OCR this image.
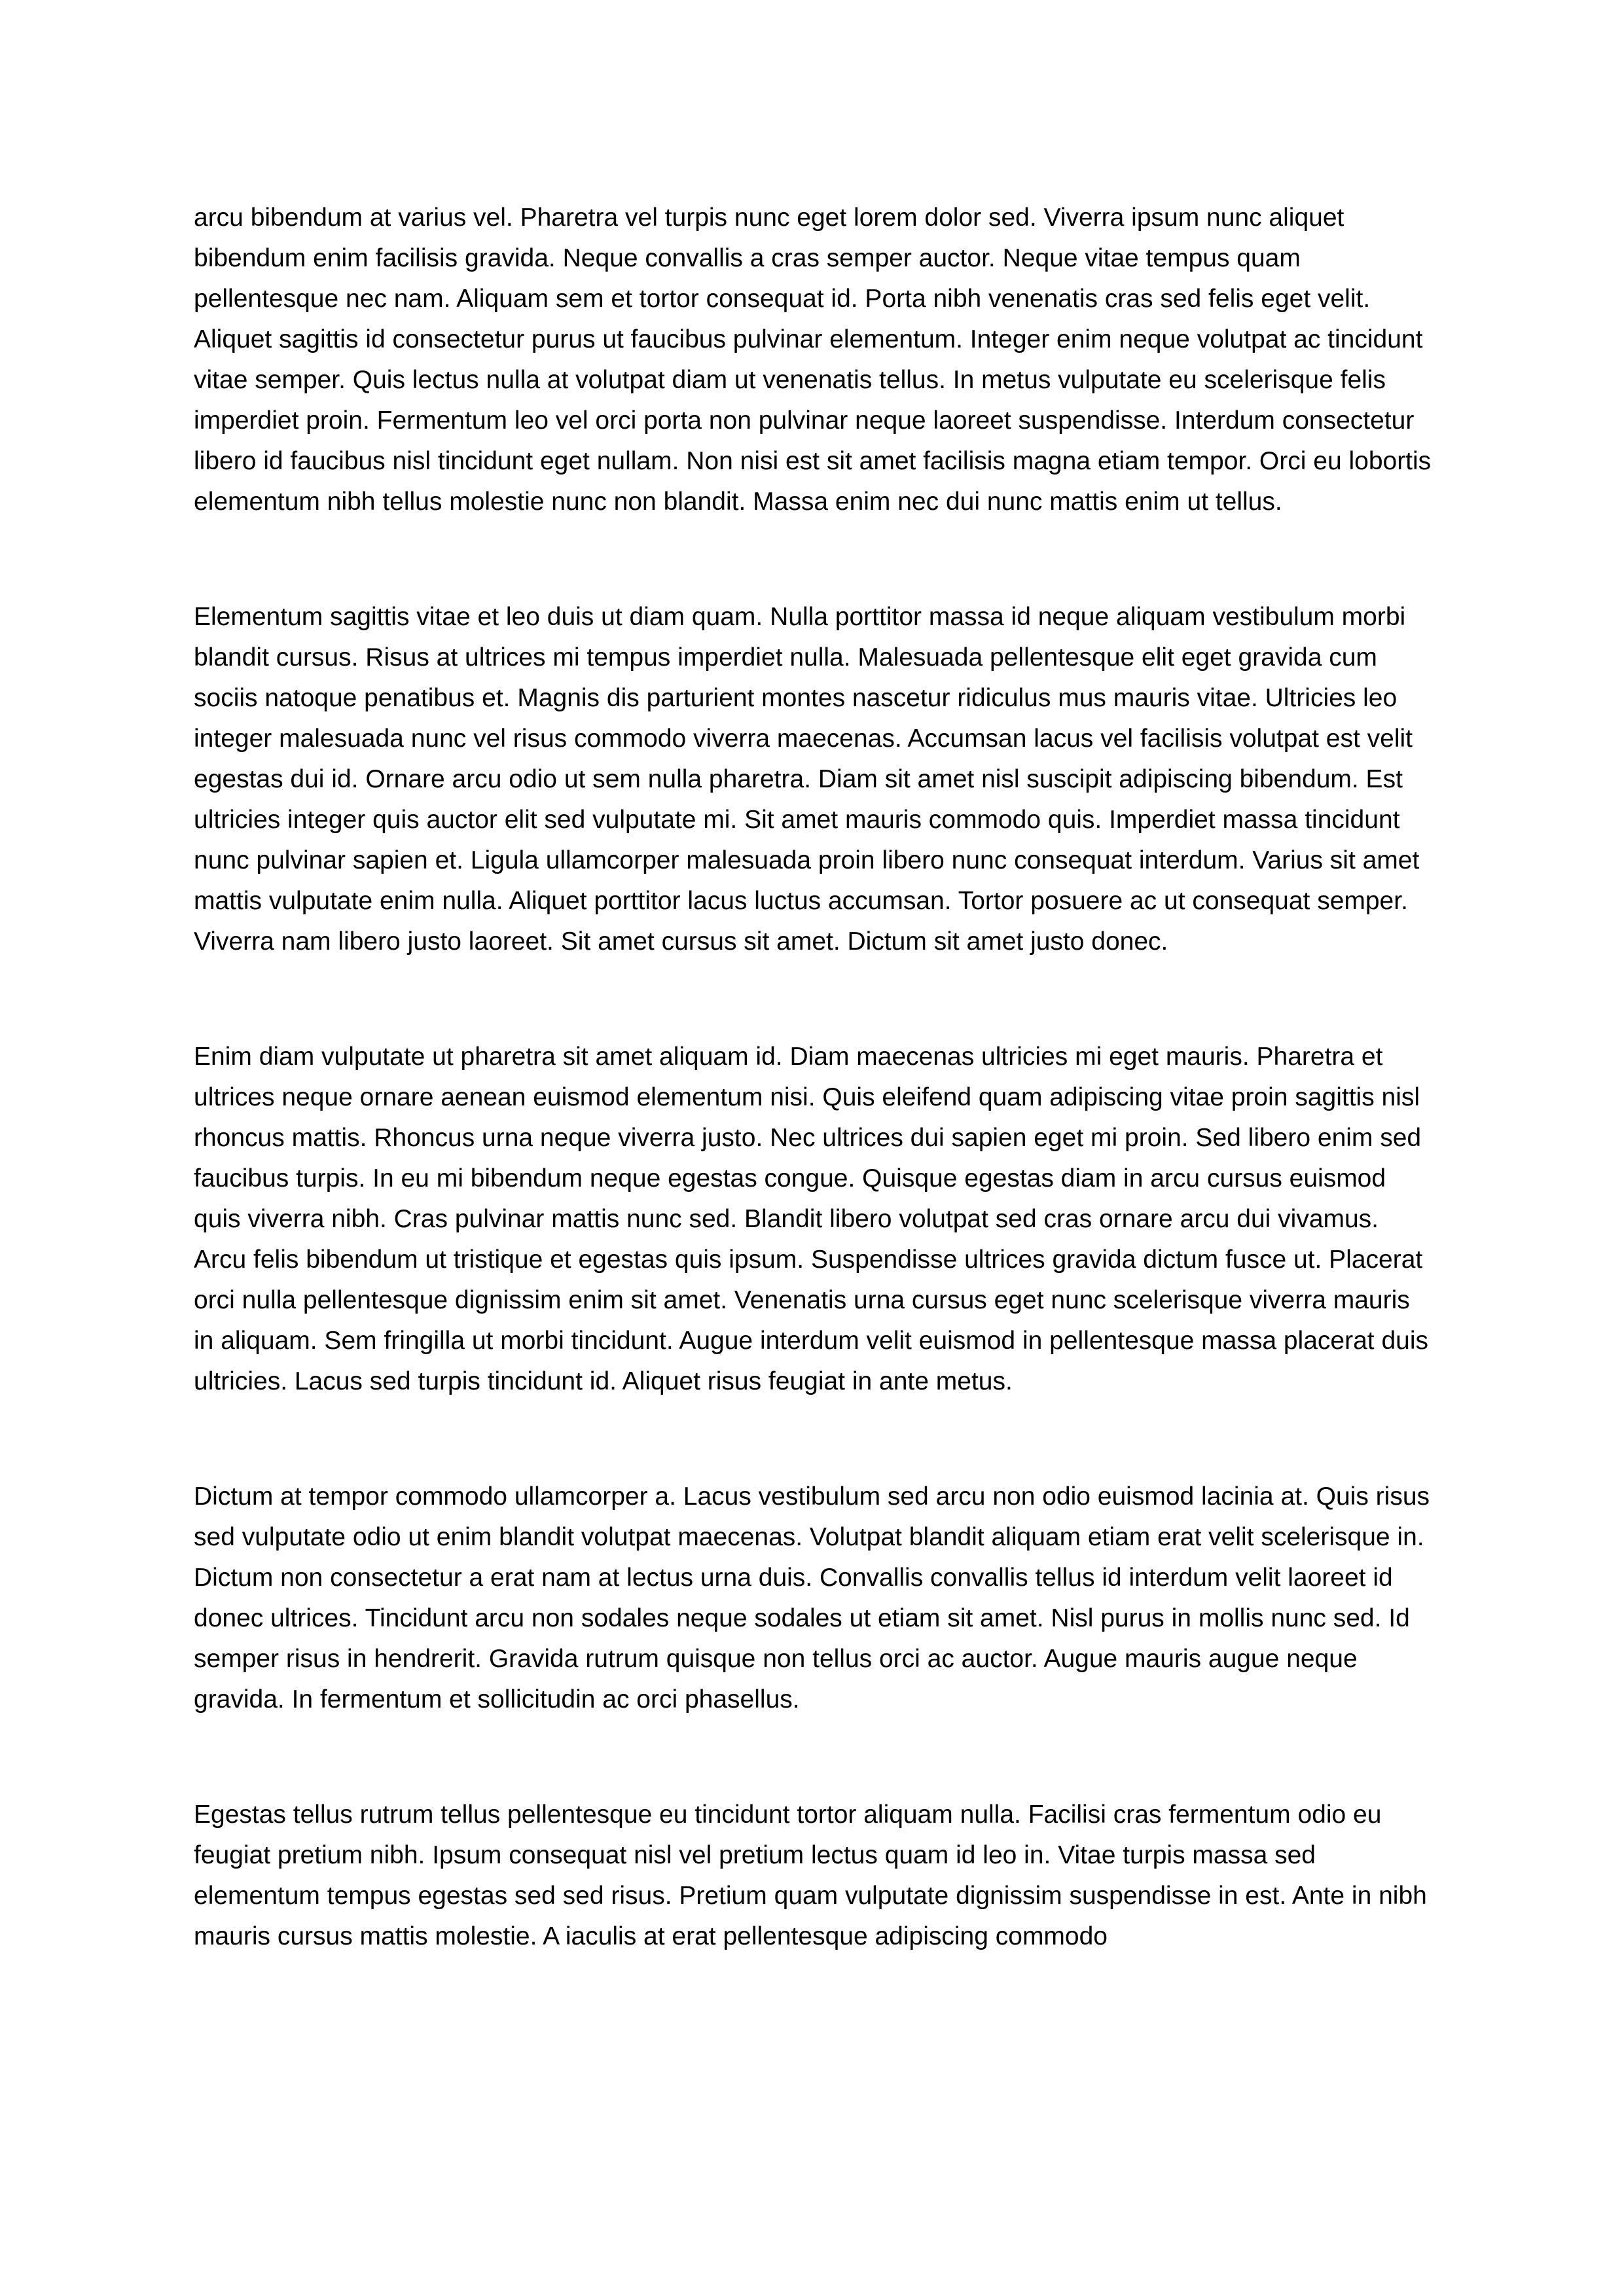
arcu bibendum at varius vel. Pharetra vel turpis nunc eget lorem dolor sed. Viverra ipsum nunc aliquet bibendum enim facilisis gravida. Neque convallis a cras semper auctor. Neque vitae tempus quam pellentesque nec nam. Aliquam sem et tortor consequat id. Porta nibh venenatis cras sed felis eget velit. Aliquet sagittis id consectetur purus ut faucibus pulvinar elementum. Integer enim neque volutpat ac tincidunt vitae semper. Quis lectus nulla at volutpat diam ut venenatis tellus. In metus vulputate eu scelerisque felis imperdiet proin. Fermentum leo vel orci porta non pulvinar neque laoreet suspendisse. Interdum consectetur libero id faucibus nisl tincidunt eget nullam. Non nisi est sit amet facilisis magna etiam tempor. Orci eu lobortis elementum nibh tellus molestie nunc non blandit. Massa enim nec dui nunc mattis enim ut tellus.

Elementum sagittis vitae et leo duis ut diam quam. Nulla porttitor massa id neque aliquam vestibulum morbi blandit cursus. Risus at ultrices mi tempus imperdiet nulla. Malesuada pellentesque elit eget gravida cum sociis natoque penatibus et. Magnis dis parturient montes nascetur ridiculus mus mauris vitae. Ultricies leo integer malesuada nunc vel risus commodo viverra maecenas. Accumsan lacus vel facilisis volutpat est velit egestas dui id. Ornare arcu odio ut sem nulla pharetra. Diam sit amet nisl suscipit adipiscing bibendum. Est ultricies integer quis auctor elit sed vulputate mi. Sit amet mauris commodo quis. Imperdiet massa tincidunt nunc pulvinar sapien et. Ligula ullamcorper malesuada proin libero nunc consequat interdum. Varius sit amet mattis vulputate enim nulla. Aliquet porttitor lacus luctus accumsan. Tortor posuere ac ut consequat semper. Viverra nam libero justo laoreet. Sit amet cursus sit amet. Dictum sit amet justo donec.

Enim diam vulputate ut pharetra sit amet aliquam id. Diam maecenas ultricies mi eget mauris. Pharetra et ultrices neque ornare aenean euismod elementum nisi. Quis eleifend quam adipiscing vitae proin sagittis nisl rhoncus mattis. Rhoncus urna neque viverra justo. Nec ultrices dui sapien eget mi proin. Sed libero enim sed faucibus turpis. In eu mi bibendum neque egestas congue. Quisque egestas diam in arcu cursus euismod quis viverra nibh. Cras pulvinar mattis nunc sed. Blandit libero volutpat sed cras ornare arcu dui vivamus. Arcu felis bibendum ut tristique et egestas quis ipsum. Suspendisse ultrices gravida dictum fusce ut. Placerat orci nulla pellentesque dignissim enim sit amet. Venenatis urna cursus eget nunc scelerisque viverra mauris in aliquam. Sem fringilla ut morbi tincidunt. Augue interdum velit euismod in pellentesque massa placerat duis ultricies. Lacus sed turpis tincidunt id. Aliquet risus feugiat in ante metus.

Dictum at tempor commodo ullamcorper a. Lacus vestibulum sed arcu non odio euismod lacinia at. Quis risus sed vulputate odio ut enim blandit volutpat maecenas. Volutpat blandit aliquam etiam erat velit scelerisque in. Dictum non consectetur a erat nam at lectus urna duis. Convallis convallis tellus id interdum velit laoreet id donec ultrices. Tincidunt arcu non sodales neque sodales ut etiam sit amet. Nisl purus in mollis nunc sed. Id semper risus in hendrerit. Gravida rutrum quisque non tellus orci ac auctor. Augue mauris augue neque gravida. In fermentum et sollicitudin ac orci phasellus.

Egestas tellus rutrum tellus pellentesque eu tincidunt tortor aliquam nulla. Facilisi cras fermentum odio eu feugiat pretium nibh. Ipsum consequat nisl vel pretium lectus quam id leo in. Vitae turpis massa sed elementum tempus egestas sed sed risus. Pretium quam vulputate dignissim suspendisse in est. Ante in nibh mauris cursus mattis molestie. A iaculis at erat pellentesque adipiscing commodo
